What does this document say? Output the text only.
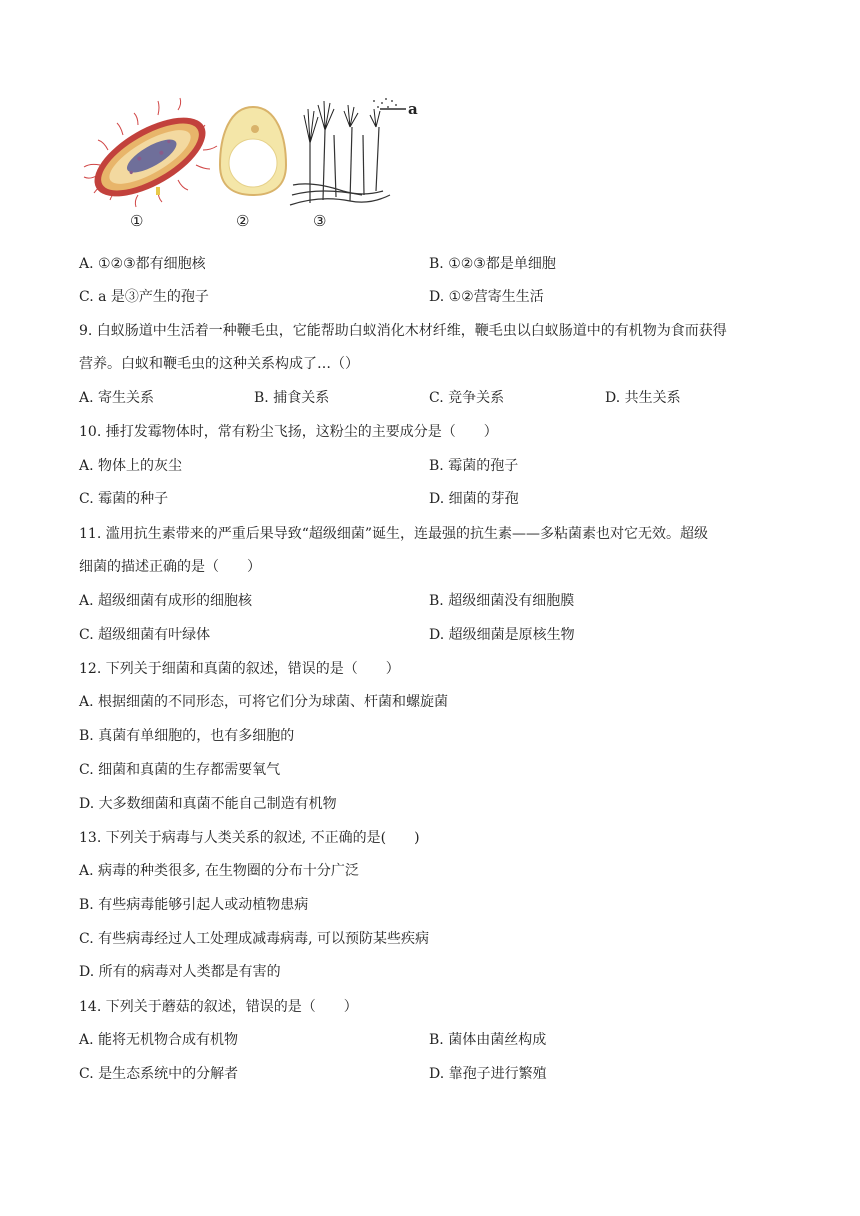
a
①	②	③
A. ①②③都有细胞核	B. ①②③都是单细胞
C. a 是③产生的孢子	D. ①②营寄生生活
9. 白蚁肠道中生活着一种鞭毛虫，它能帮助白蚁消化木材纤维，鞭毛虫以白蚁肠道中的有机物为食而获得
营养。白蚁和鞭毛虫的这种关系构成了…（）
A. 寄生关系	B. 捕食关系	C. 竞争关系	D. 共生关系
10. 捶打发霉物体时，常有粉尘飞扬，这粉尘的主要成分是（　　）
A. 物体上的灰尘	B. 霉菌的孢子
C. 霉菌的种子	D. 细菌的芽孢
11. 滥用抗生素带来的严重后果导致“超级细菌”诞生，连最强的抗生素——多粘菌素也对它无效。超级
细菌的描述正确的是（　　）
A. 超级细菌有成形的细胞核	B. 超级细菌没有细胞膜
C. 超级细菌有叶绿体	D. 超级细菌是原核生物
12. 下列关于细菌和真菌的叙述，错误的是（　　）
A. 根据细菌的不同形态，可将它们分为球菌、杆菌和螺旋菌
B. 真菌有单细胞的，也有多细胞的
C. 细菌和真菌的生存都需要氧气
D. 大多数细菌和真菌不能自己制造有机物
13. 下列关于病毒与人类关系的叙述, 不正确的是(　　)
A. 病毒的种类很多, 在生物圈的分布十分广泛
B. 有些病毒能够引起人或动植物患病
C. 有些病毒经过人工处理成减毒病毒, 可以预防某些疾病
D. 所有的病毒对人类都是有害的
14. 下列关于蘑菇的叙述，错误的是（　　）
A. 能将无机物合成有机物	B. 菌体由菌丝构成
C. 是生态系统中的分解者	D. 靠孢子进行繁殖
